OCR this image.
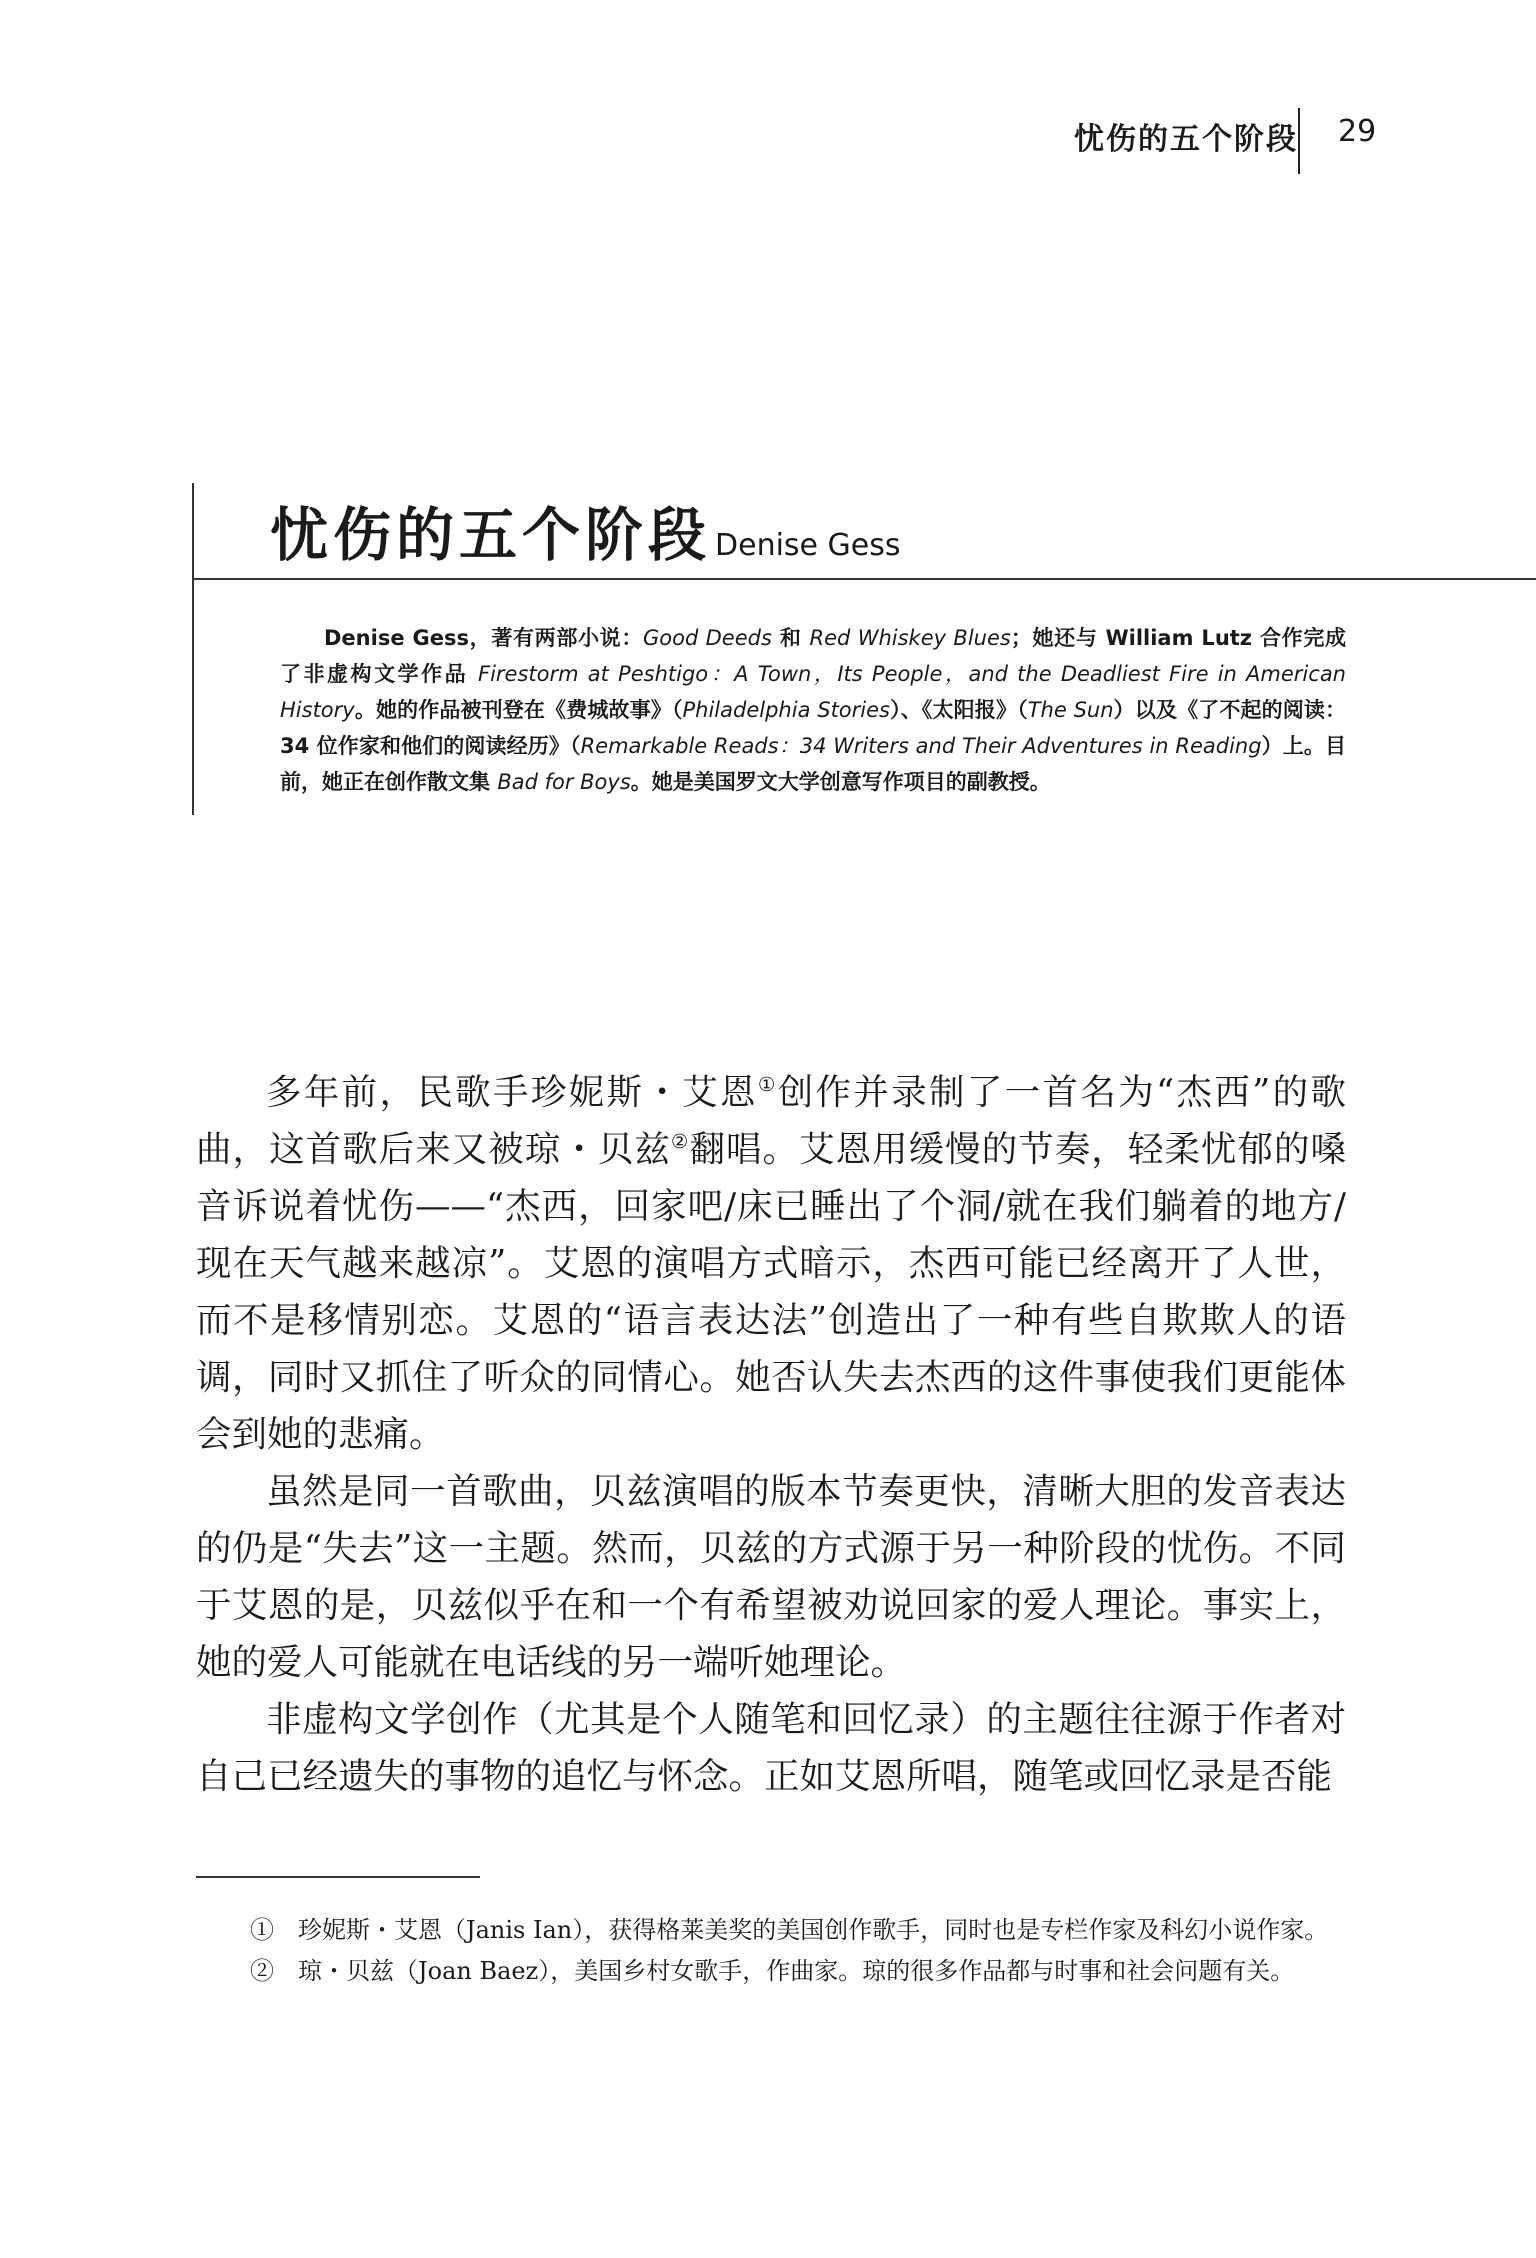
忧伤的五个阶段 29
忧伤的五个阶段 Denise Gess

Denise Gess，著有两部小说：Good Deeds 和 Red Whiskey Blues；她还与 William Lutz 合作完成了非虚构文学作品 Firestorm at Peshtigo：A Town，Its People，and the Deadliest Fire in American History。她的作品被刊登在《费城故事》（Philadelphia Stories）、《太阳报》（The Sun）以及《了不起的阅读：34 位作家和他们的阅读经历》（Remarkable Reads：34 Writers and Their Adventures in Reading）上。目前，她正在创作散文集 Bad for Boys。她是美国罗文大学创意写作项目的副教授。

多年前，民歌手珍妮斯・艾恩①创作并录制了一首名为“杰西”的歌曲，这首歌后来又被琼・贝兹②翻唱。艾恩用缓慢的节奏，轻柔忧郁的嗓音诉说着忧伤——“杰西，回家吧/床已睡出了个洞/就在我们躺着的地方/现在天气越来越凉”。艾恩的演唱方式暗示，杰西可能已经离开了人世，而不是移情别恋。艾恩的“语言表达法”创造出了一种有些自欺欺人的语调，同时又抓住了听众的同情心。她否认失去杰西的这件事使我们更能体会到她的悲痛。

虽然是同一首歌曲，贝兹演唱的版本节奏更快，清晰大胆的发音表达的仍是“失去”这一主题。然而，贝兹的方式源于另一种阶段的忧伤。不同于艾恩的是，贝兹似乎在和一个有希望被劝说回家的爱人理论。事实上，她的爱人可能就在电话线的另一端听她理论。

非虚构文学创作（尤其是个人随笔和回忆录）的主题往往源于作者对自己已经遗失的事物的追忆与怀念。正如艾恩所唱，随笔或回忆录是否能

①　珍妮斯・艾恩（Janis Ian），获得格莱美奖的美国创作歌手，同时也是专栏作家及科幻小说作家。

②　琼・贝兹（Joan Baez），美国乡村女歌手，作曲家。琼的很多作品都与时事和社会问题有关。
